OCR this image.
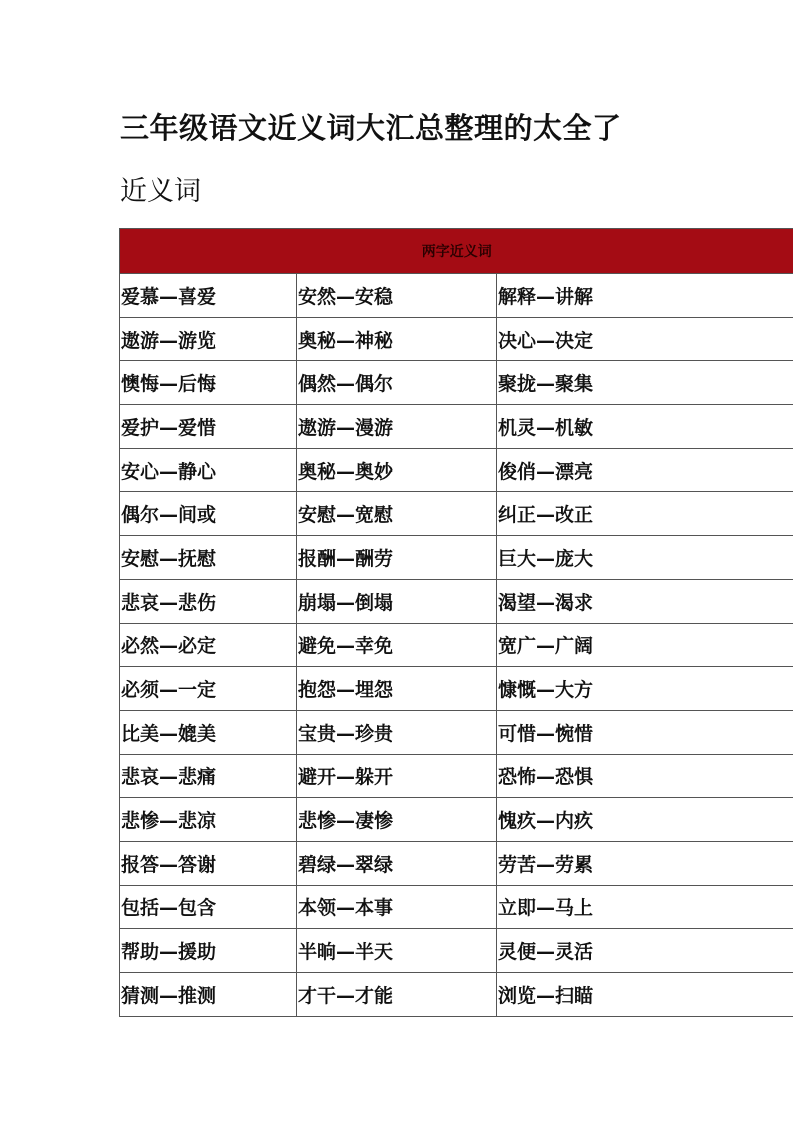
三年级语文近义词大汇总整理的太全了
近义词
两字近义词		
爱慕—喜爱	安然—安稳	解释—讲解
遨游—游览	奥秘—神秘	决心—决定
懊悔—后悔	偶然—偶尔	聚拢—聚集
爱护—爱惜	遨游—漫游	机灵—机敏
安心—静心	奥秘—奥妙	俊俏—漂亮
偶尔—间或	安慰—宽慰	纠正—改正
安慰—抚慰	报酬—酬劳	巨大—庞大
悲哀—悲伤	崩塌—倒塌	渴望—渴求
必然—必定	避免—幸免	宽广—广阔
必须—一定	抱怨—埋怨	慷慨—大方
比美—媲美	宝贵—珍贵	可惜—惋惜
悲哀—悲痛	避开—躲开	恐怖—恐惧
悲惨—悲凉	悲惨—凄惨	愧疚—内疚
报答—答谢	碧绿—翠绿	劳苦—劳累
包括—包含	本领—本事	立即—马上
帮助—援助	半晌—半天	灵便—灵活
猜测—推测	才干—才能	浏览—扫瞄
